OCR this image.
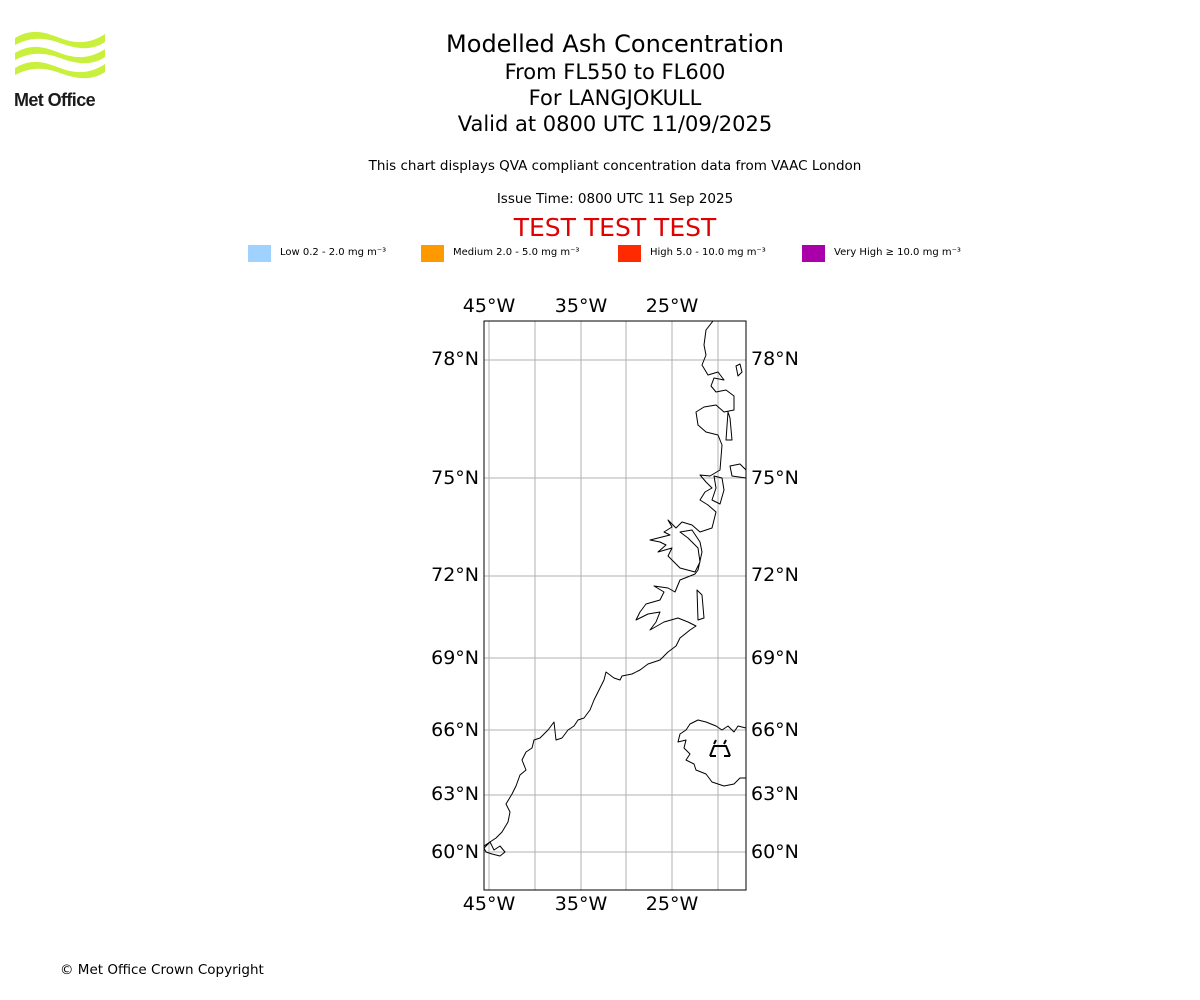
Met Office
Modelled Ash Concentration
From FL550 to FL600
For LANGJOKULL
Valid at 0800 UTC 11/09/2025
This chart displays QVA compliant concentration data from VAAC London
Issue Time: 0800 UTC 11 Sep 2025
TEST TEST TEST
Low 0.2 - 2.0 mg m⁻³	Medium 2.0 - 5.0 mg m⁻³	High 5.0 - 10.0 mg m⁻³	Very High ≥ 10.0 mg m⁻³
45°W 35°W 25°W
45°W 35°W 25°W
78°N
75°N
72°N
69°N
66°N
63°N
60°N
78°N
75°N
72°N
69°N
66°N
63°N
60°N
© Met Office Crown Copyright
